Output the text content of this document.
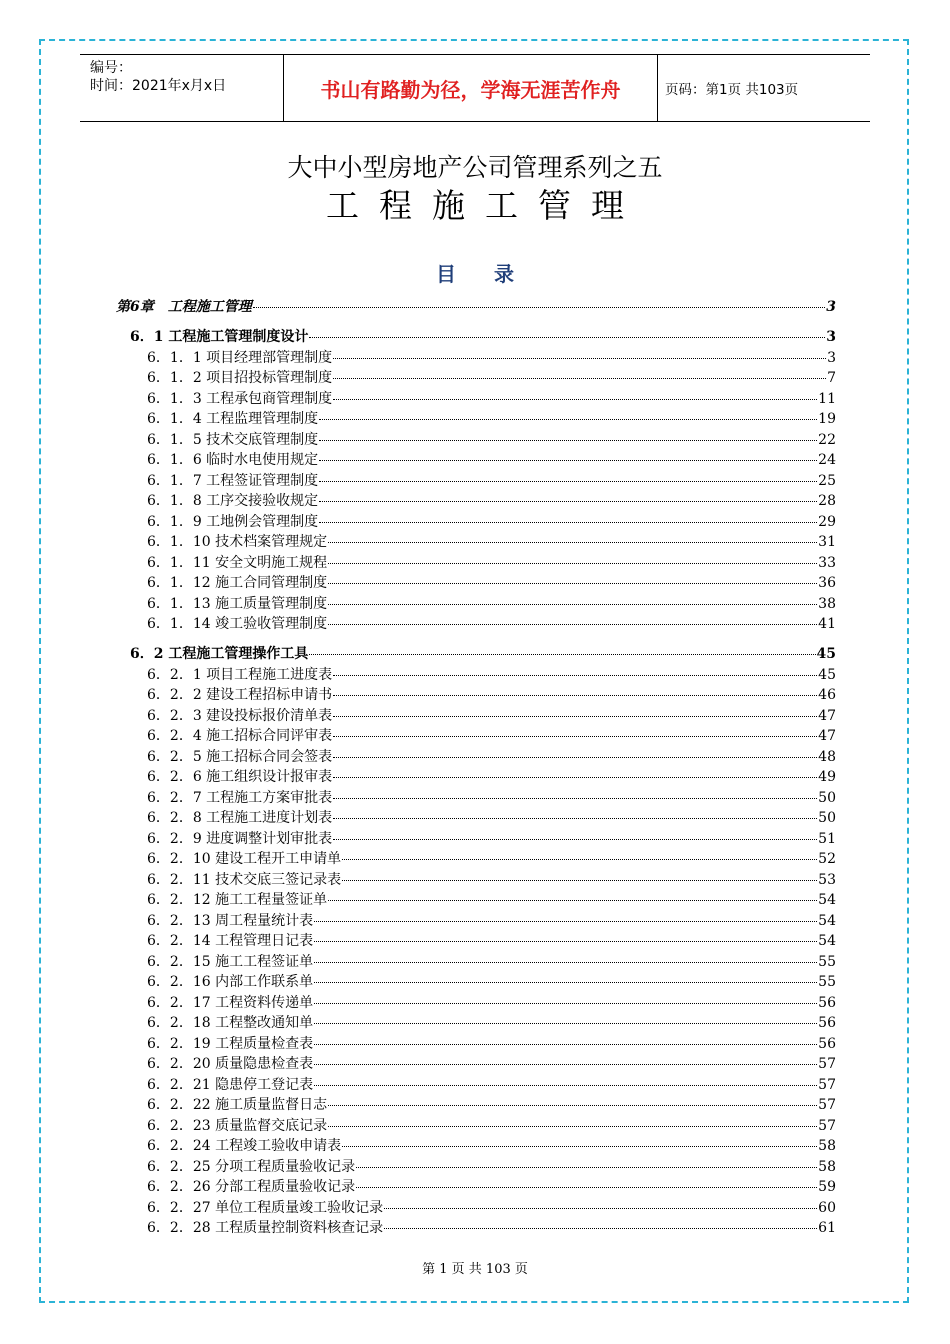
编号：
时间：2021年x月x日	书山有路勤为径，学海无涯苦作舟	页码：第1页 共103页
大中小型房地产公司管理系列之五
工程施工管理
目录
第6章　工程施工管理	3
6．1 工程施工管理制度设计	3
6．1．1 项目经理部管理制度	3
6．1．2 项目招投标管理制度	7
6．1．3 工程承包商管理制度	11
6．1．4 工程监理管理制度	19
6．1．5 技术交底管理制度	22
6．1．6 临时水电使用规定	24
6．1．7 工程签证管理制度	25
6．1．8 工序交接验收规定	28
6．1．9 工地例会管理制度	29
6．1．10 技术档案管理规定	31
6．1．11 安全文明施工规程	33
6．1．12 施工合同管理制度	36
6．1．13 施工质量管理制度	38
6．1．14 竣工验收管理制度	41
6．2 工程施工管理操作工具	45
6．2．1 项目工程施工进度表	45
6．2．2 建设工程招标申请书	46
6．2．3 建设投标报价清单表	47
6．2．4 施工招标合同评审表	47
6．2．5 施工招标合同会签表	48
6．2．6 施工组织设计报审表	49
6．2．7 工程施工方案审批表	50
6．2．8 工程施工进度计划表	50
6．2．9 进度调整计划审批表	51
6．2．10 建设工程开工申请单	52
6．2．11 技术交底三签记录表	53
6．2．12 施工工程量签证单	54
6．2．13 周工程量统计表	54
6．2．14 工程管理日记表	54
6．2．15 施工工程签证单	55
6．2．16 内部工作联系单	55
6．2．17 工程资料传递单	56
6．2．18 工程整改通知单	56
6．2．19 工程质量检查表	56
6．2．20 质量隐患检查表	57
6．2．21 隐患停工登记表	57
6．2．22 施工质量监督日志	57
6．2．23 质量监督交底记录	57
6．2．24 工程竣工验收申请表	58
6．2．25 分项工程质量验收记录	58
6．2．26 分部工程质量验收记录	59
6．2．27 单位工程质量竣工验收记录	60
6．2．28 工程质量控制资料核查记录	61
第 1 页 共 103 页
